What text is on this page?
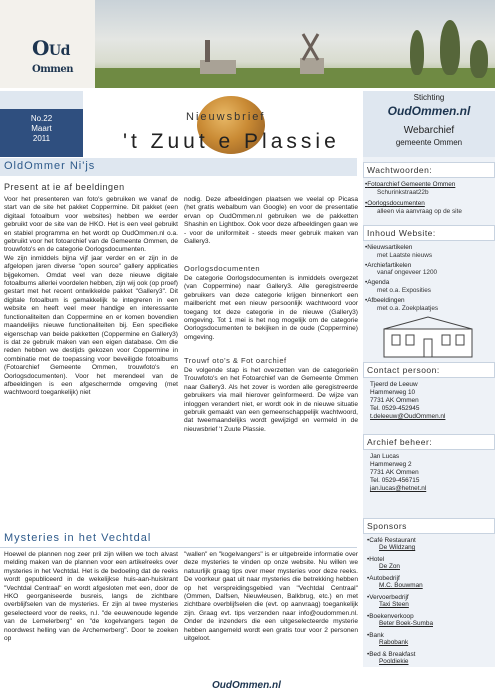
OUd
Ommen
No.22
Maart
2011
Nieuwsbrief
't Zuut e Plassie
Stichting
OudOmmen.nl
Webarchief
gemeente Ommen
OldOmmer Ni'js
Present at ie af beeldingen
Voor het presenteren van foto's gebruiken we vanaf de start van de site het pakket Coppermine. Dit pakket (een digitaal fotoalbum voor websites) hebben we eerder gebruikt voor de site van de HKO. Het is een veel gebruikt en stabiel programma en het wordt op OudOmmen.nl o.a. gebruikt voor het fotoarchief van de Gemeente Ommen, de trouwfoto's en de categorie Oorlogsdocumenten.
We zijn inmiddels bijna vijf jaar verder en er zijn in de afgelopen jaren diverse "open source" gallery applicaties bijgekomen. Omdat veel van deze nieuwe digitale fotoalbums allerlei voordelen hebben, zijn wij ook (op proef) gestart met het recent ontwikkelde pakket "Gallery3". Dit digitale fotoalbum is gemakkelijk te integreren in een website en heeft veel meer handige en interessante functionaliteiten dan Coppermine en er komen bovendien maandelijks nieuwe functionaliteiten bij. Een specifieke eigenschap van beide pakketten (Coppermine en Gallery3) is dat ze gebruik maken van een eigen database. Om die reden hebben we destijds gekozen voor Coppermine in combinatie met de toepassing voor beveiligde fotoalbums (Fotoarchief Gemeente Ommen, trouwfoto's en Oorlogsdocumenten). Voor het merendeel van de afbeeldingen is een afgeschermde omgeving (met wachtwoord toegankelijk) niet
nodig. Deze afbeeldingen plaatsen we veelal op Picasa (het gratis webalbum van Google) en voor de presentatie ervan op OudOmmen.nl gebruiken we de pakketten Shashin en Lightbox. Ook voor deze afbeeldingen gaan we - voor de uniformiteit - steeds meer gebruik maken van Gallery3.
Oorlogsdocumenten
De categorie Oorlogsdocumenten is inmiddels overgezet (van Coppermine) naar Gallery3. Alle geregistreerde gebruikers van deze categorie krijgen binnenkort een mailbericht met een nieuw persoonlijk wachtwoord voor toegang tot deze categorie in de nieuwe (Gallery3) omgeving. Tot 1 mei is het nog mogelijk om de categorie Oorlogsdocumenten te bekijken in de oude (Coppermine) omgeving.
Trouwf oto's & Fot oarchief
De volgende stap is het overzetten van de categorieën Trouwfoto's en het Fotoarchief van de Gemeente Ommen naar Gallery3. Als het zover is worden alle geregistreerde gebruikers via mail hierover geïnformeerd. De wijze van inloggen verandert niet, er wordt ook in de nieuwe situatie gebruik gemaakt van een gemeenschappelijk wachtwoord, dat tweemaandelijks wordt gewijzigd en vermeld in de nieuwsbrief 't Zuute Plassie.
Mysteries in het Vechtdal
Hoewel de plannen nog zeer pril zijn willen we toch alvast melding maken van de plannen voor een artikelreeks over mysteries in het Vechtdal. Het is de bedoeling dat de reeks wordt gepubliceerd in de wekelijkse huis-aan-huiskrant "Vechtdal Centraal" en wordt afgesloten met een, door de HKO georganiseerde busreis, langs de zichtbare overblijfselen van de mysteries. Er zijn al twee mysteries geselecteerd voor de reeks, n.l. "de eeuwenoude legende van de Lemelerberg" en "de kogelvangers tegen de noordwest helling van de Archemerberg". Door te zoeken op
"wallen" en "kogelvangers" is er uitgebreide informatie over deze mysteries te vinden op onze website. Nu willen we natuurlijk graag tips over meer mysteries voor deze reeks. De voorkeur gaat uit naar mysteries die betrekking hebben op het verspreidingsgebied van "Vechtdal Centraal" (Ommen, Dalfsen, Nieuwleusen, Balkbrug, etc.) en met zichtbare overblijfselen die (evt. op aanvraag) toegankelijk zijn. Graag evt. tips verzenden naar info@oudommen.nl. Onder de inzenders die een uitgeselecteerde mysterie hebben aangemeld wordt een gratis tour voor 2 personen uitgeloot.
Wachtwoorden:
• Fotoarchief Gemeente Ommen
Schurinkstraat22b
• Oorlogsdocumenten
alleen via aanvraag op de site
Inhoud Website:
• Nieuwsartikelen
met Laatste nieuws
• Archiefartikelen
vanaf ongeveer 1200
• Agenda
met o.a. Exposities
• Afbeeldingen
met o.a. Zoekplaatjes
Contact persoon:
Tjeerd de Leeuw
Hammerweg 10
7731 AK Ommen
Tel. 0529-452945
t.deleeuw@OudOmmen.nl
Archief beheer:
Jan Lucas
Hammerweg 2
7731 AK Ommen
Tel. 0529-456715
jan.lucas@hetnet.nl
Sponsors
• Café Restaurant
De Wildzang
• Hotel
De Zon
• Autobedrijf
M.C. Bouwman
• Vervoerbedrijf
Taxi Steen
• Boekenverkoop
Beter Boek-Sumba
• Bank
Rabobank
• Bed & Breakfast
Pooldiekie
OudOmmen.nl
